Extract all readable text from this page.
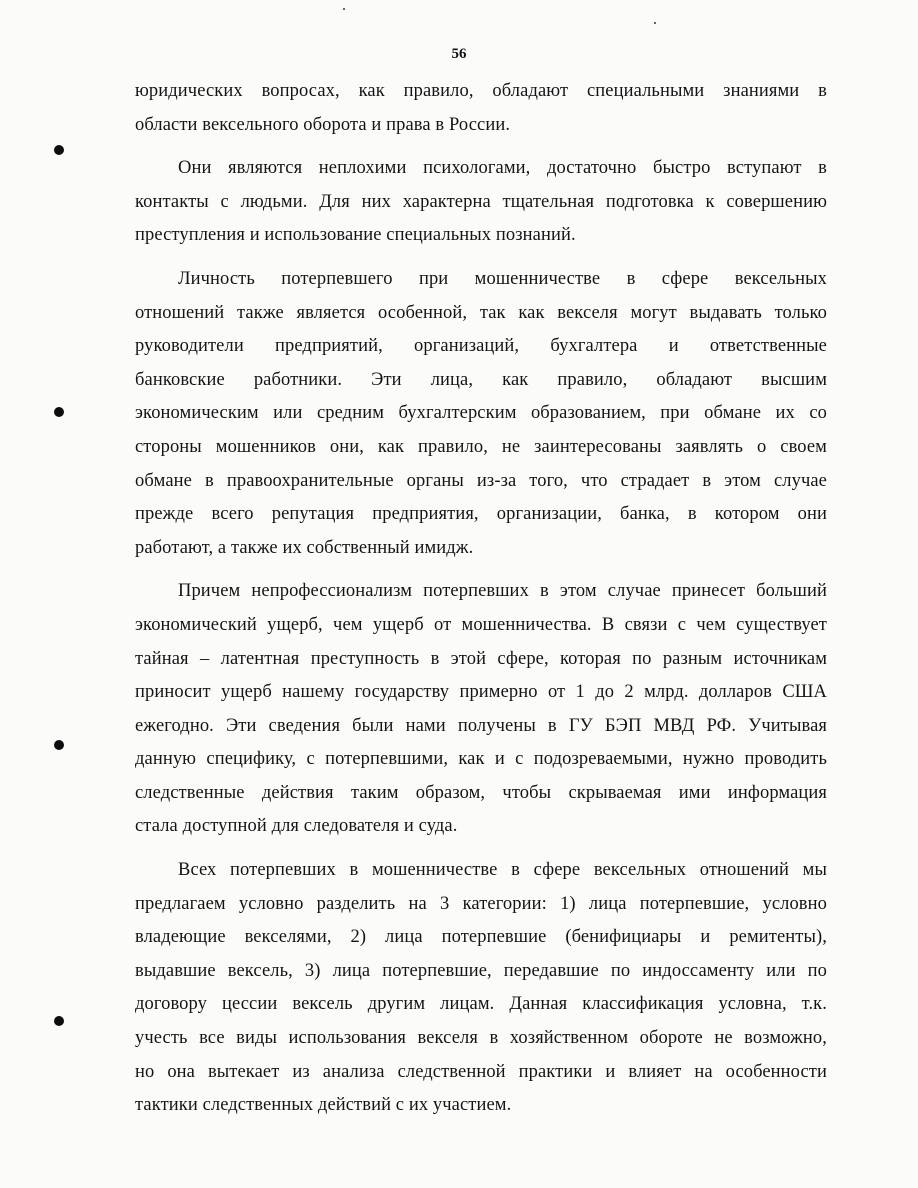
56
юридических вопросах, как правило, обладают специальными знаниями в
области вексельного оборота и права в России.
Они являются неплохими психологами, достаточно быстро вступают в
контакты с людьми. Для них характерна тщательная подготовка к совершению
преступления и использование специальных познаний.
Личность потерпевшего при мошенничестве в сфере вексельных
отношений также является особенной, так как векселя могут выдавать только
руководители предприятий, организаций, бухгалтера и ответственные
банковские работники. Эти лица, как правило, обладают высшим
экономическим или средним бухгалтерским образованием, при обмане их со
стороны мошенников они, как правило, не заинтересованы заявлять о своем
обмане в правоохранительные органы из-за того, что страдает в этом случае
прежде всего репутация предприятия, организации, банка, в котором они
работают, а также их собственный имидж.
Причем непрофессионализм потерпевших в этом случае принесет больший
экономический ущерб, чем ущерб от мошенничества. В связи с чем существует
тайная – латентная преступность в этой сфере, которая по разным источникам
приносит ущерб нашему государству примерно от 1 до 2 млрд. долларов США
ежегодно. Эти сведения были нами получены в ГУ БЭП МВД РФ. Учитывая
данную специфику, с потерпевшими, как и с подозреваемыми, нужно проводить
следственные действия таким образом, чтобы скрываемая ими информация
стала доступной для следователя и суда.
Всех потерпевших в мошенничестве в сфере вексельных отношений мы
предлагаем условно разделить на 3 категории: 1) лица потерпевшие, условно
владеющие векселями, 2) лица потерпевшие (бенифициары и ремитенты),
выдавшие вексель, 3) лица потерпевшие, передавшие по индоссаменту или по
договору цессии вексель другим лицам. Данная классификация условна, т.к.
учесть все виды использования векселя в хозяйственном обороте не возможно,
но она вытекает из анализа следственной практики и влияет на особенности
тактики следственных действий с их участием.
